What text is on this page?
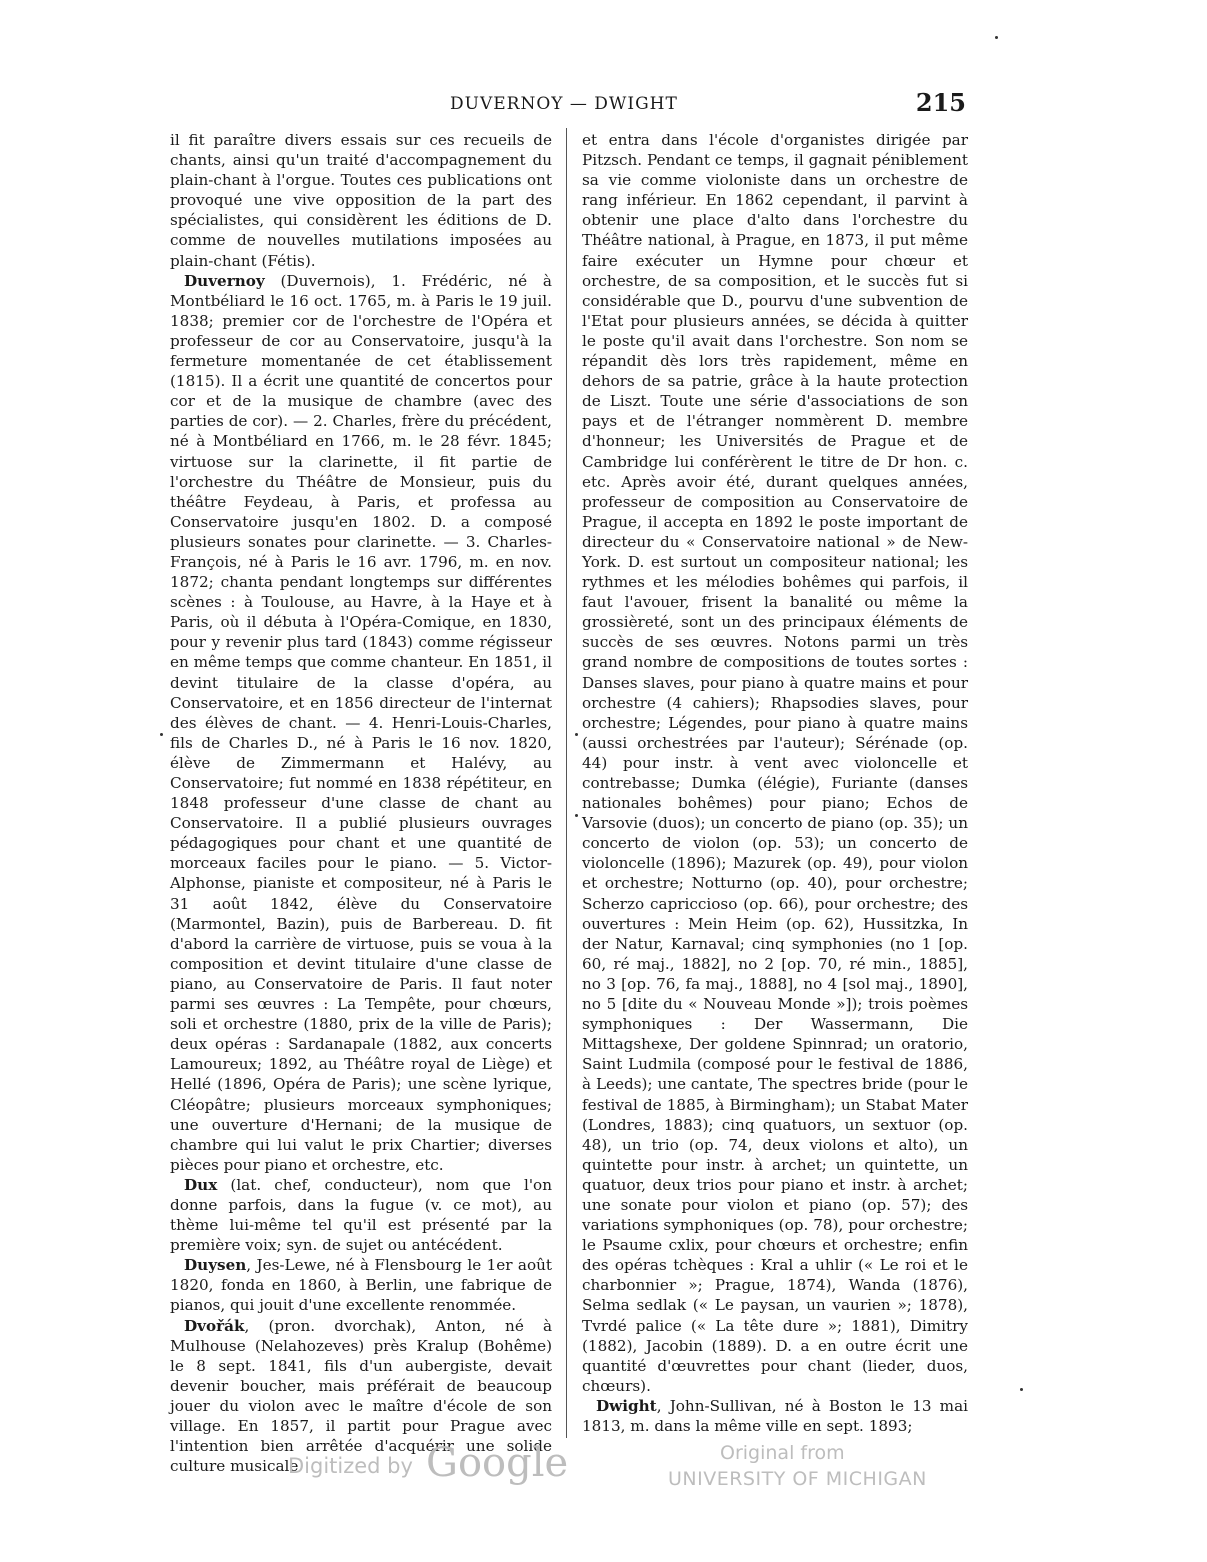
DUVERNOY — DWIGHT	215

il fit paraître divers essais sur ces recueils de chants, ainsi qu'un traité d'accompagnement du plain-chant à l'orgue. Toutes ces publications ont provoqué une vive opposition de la part des spécialistes, qui considèrent les éditions de D. comme de nouvelles mutilations imposées au plain-chant (Fétis).

Duvernoy (Duvernois), 1. Frédéric, né à Montbéliard le 16 oct. 1765, m. à Paris le 19 juil. 1838; premier cor de l'orchestre de l'Opéra et professeur de cor au Conservatoire, jusqu'à la fermeture momentanée de cet établissement (1815). Il a écrit une quantité de concertos pour cor et de la musique de chambre (avec des parties de cor). — 2. Charles, frère du précédent, né à Montbéliard en 1766, m. le 28 févr. 1845; virtuose sur la clarinette, il fit partie de l'orchestre du Théâtre de Monsieur, puis du théâtre Feydeau, à Paris, et professa au Conservatoire jusqu'en 1802. D. a composé plusieurs sonates pour clarinette. — 3. Charles-François, né à Paris le 16 avr. 1796, m. en nov. 1872; chanta pendant longtemps sur différentes scènes : à Toulouse, au Havre, à la Haye et à Paris, où il débuta à l'Opéra-Comique, en 1830, pour y revenir plus tard (1843) comme régisseur en même temps que comme chanteur. En 1851, il devint titulaire de la classe d'opéra, au Conservatoire, et en 1856 directeur de l'internat des élèves de chant. — 4. Henri-Louis-Charles, fils de Charles D., né à Paris le 16 nov. 1820, élève de Zimmermann et Halévy, au Conservatoire; fut nommé en 1838 répétiteur, en 1848 professeur d'une classe de chant au Conservatoire. Il a publié plusieurs ouvrages pédagogiques pour chant et une quantité de morceaux faciles pour le piano. — 5. Victor-Alphonse, pianiste et compositeur, né à Paris le 31 août 1842, élève du Conservatoire (Marmontel, Bazin), puis de Barbereau. D. fit d'abord la carrière de virtuose, puis se voua à la composition et devint titulaire d'une classe de piano, au Conservatoire de Paris. Il faut noter parmi ses œuvres : La Tempête, pour chœurs, soli et orchestre (1880, prix de la ville de Paris); deux opéras : Sardanapale (1882, aux concerts Lamoureux; 1892, au Théâtre royal de Liège) et Hellé (1896, Opéra de Paris); une scène lyrique, Cléopâtre; plusieurs morceaux symphoniques; une ouverture d'Hernani; de la musique de chambre qui lui valut le prix Chartier; diverses pièces pour piano et orchestre, etc.

Dux (lat. chef, conducteur), nom que l'on donne parfois, dans la fugue (v. ce mot), au thème lui-même tel qu'il est présenté par la première voix; syn. de sujet ou antécédent.

Duysen, Jes-Lewe, né à Flensbourg le 1er août 1820, fonda en 1860, à Berlin, une fabrique de pianos, qui jouit d'une excellente renommée.

Dvořák, (pron. dvorchak), Anton, né à Mulhouse (Nelahozeves) près Kralup (Bohême) le 8 sept. 1841, fils d'un aubergiste, devait devenir boucher, mais préférait de beaucoup jouer du violon avec le maître d'école de son village. En 1857, il partit pour Prague avec l'intention bien arrêtée d'acquérir une solide culture musicale

et entra dans l'école d'organistes dirigée par Pitzsch. Pendant ce temps, il gagnait péniblement sa vie comme violoniste dans un orchestre de rang inférieur. En 1862 cependant, il parvint à obtenir une place d'alto dans l'orchestre du Théâtre national, à Prague, en 1873, il put même faire exécuter un Hymne pour chœur et orchestre, de sa composition, et le succès fut si considérable que D., pourvu d'une subvention de l'Etat pour plusieurs années, se décida à quitter le poste qu'il avait dans l'orchestre. Son nom se répandit dès lors très rapidement, même en dehors de sa patrie, grâce à la haute protection de Liszt. Toute une série d'associations de son pays et de l'étranger nommèrent D. membre d'honneur; les Universités de Prague et de Cambridge lui conférèrent le titre de Dr hon. c. etc. Après avoir été, durant quelques années, professeur de composition au Conservatoire de Prague, il accepta en 1892 le poste important de directeur du « Conservatoire national » de New-York. D. est surtout un compositeur national; les rythmes et les mélodies bohêmes qui parfois, il faut l'avouer, frisent la banalité ou même la grossièreté, sont un des principaux éléments de succès de ses œuvres. Notons parmi un très grand nombre de compositions de toutes sortes : Danses slaves, pour piano à quatre mains et pour orchestre (4 cahiers); Rhapsodies slaves, pour orchestre; Légendes, pour piano à quatre mains (aussi orchestrées par l'auteur); Sérénade (op. 44) pour instr. à vent avec violoncelle et contrebasse; Dumka (élégie), Furiante (danses nationales bohêmes) pour piano; Echos de Varsovie (duos); un concerto de piano (op. 35); un concerto de violon (op. 53); un concerto de violoncelle (1896); Mazurek (op. 49), pour violon et orchestre; Notturno (op. 40), pour orchestre; Scherzo capriccioso (op. 66), pour orchestre; des ouvertures : Mein Heim (op. 62), Hussitzka, In der Natur, Karnaval; cinq symphonies (no 1 [op. 60, ré maj., 1882], no 2 [op. 70, ré min., 1885], no 3 [op. 76, fa maj., 1888], no 4 [sol maj., 1890], no 5 [dite du « Nouveau Monde »]); trois poèmes symphoniques : Der Wassermann, Die Mittagshexe, Der goldene Spinnrad; un oratorio, Saint Ludmila (composé pour le festival de 1886, à Leeds); une cantate, The spectres bride (pour le festival de 1885, à Birmingham); un Stabat Mater (Londres, 1883); cinq quatuors, un sextuor (op. 48), un trio (op. 74, deux violons et alto), un quintette pour instr. à archet; un quintette, un quatuor, deux trios pour piano et instr. à archet; une sonate pour violon et piano (op. 57); des variations symphoniques (op. 78), pour orchestre; le Psaume cxlix, pour chœurs et orchestre; enfin des opéras tchèques : Kral a uhlir (« Le roi et le charbonnier »; Prague, 1874), Wanda (1876), Selma sedlak (« Le paysan, un vaurien »; 1878), Tvrdé palice (« La tête dure »; 1881), Dimitry (1882), Jacobin (1889). D. a en outre écrit une quantité d'œuvrettes pour chant (lieder, duos, chœurs).

Dwight, John-Sullivan, né à Boston le 13 mai 1813, m. dans la même ville en sept. 1893;

Digitized by Google	Original from
UNIVERSITY OF MICHIGAN
